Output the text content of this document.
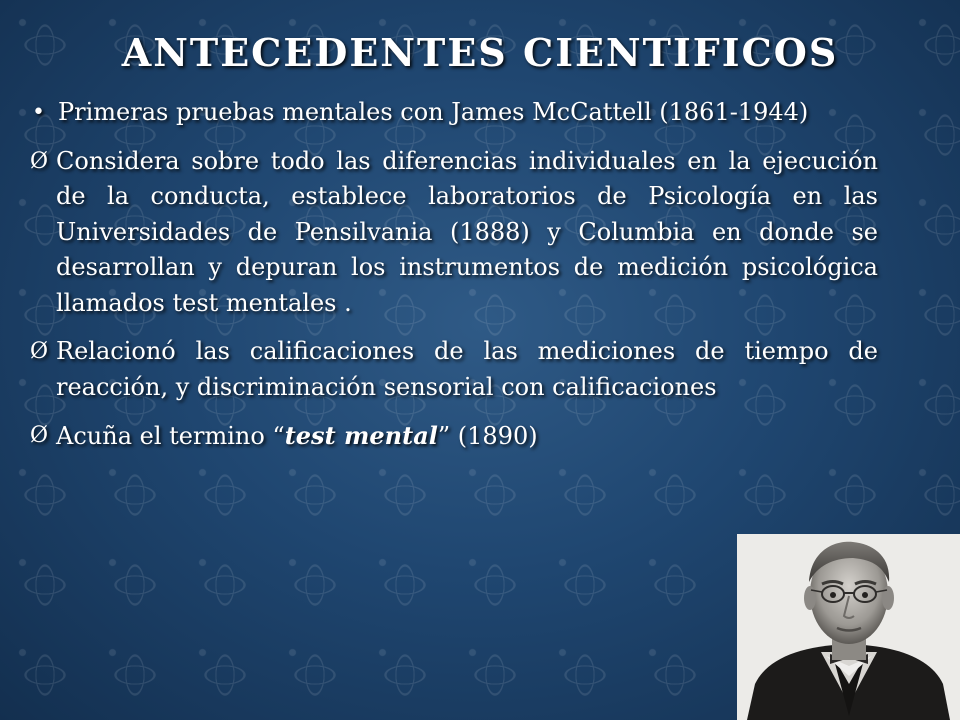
ANTECEDENTES CIENTIFICOS
• Primeras pruebas mentales con James McCattell (1861-1944)
Ø Considera sobre todo las diferencias individuales en la ejecución de la conducta, establece laboratorios de Psicología en las Universidades de Pensilvania (1888) y Columbia en donde se desarrollan y depuran los instrumentos de medición psicológica llamados test mentales .
Ø Relacionó las calificaciones de las mediciones de tiempo de reacción, y discriminación sensorial con calificaciones
Ø Acuña el termino “test mental” (1890)
